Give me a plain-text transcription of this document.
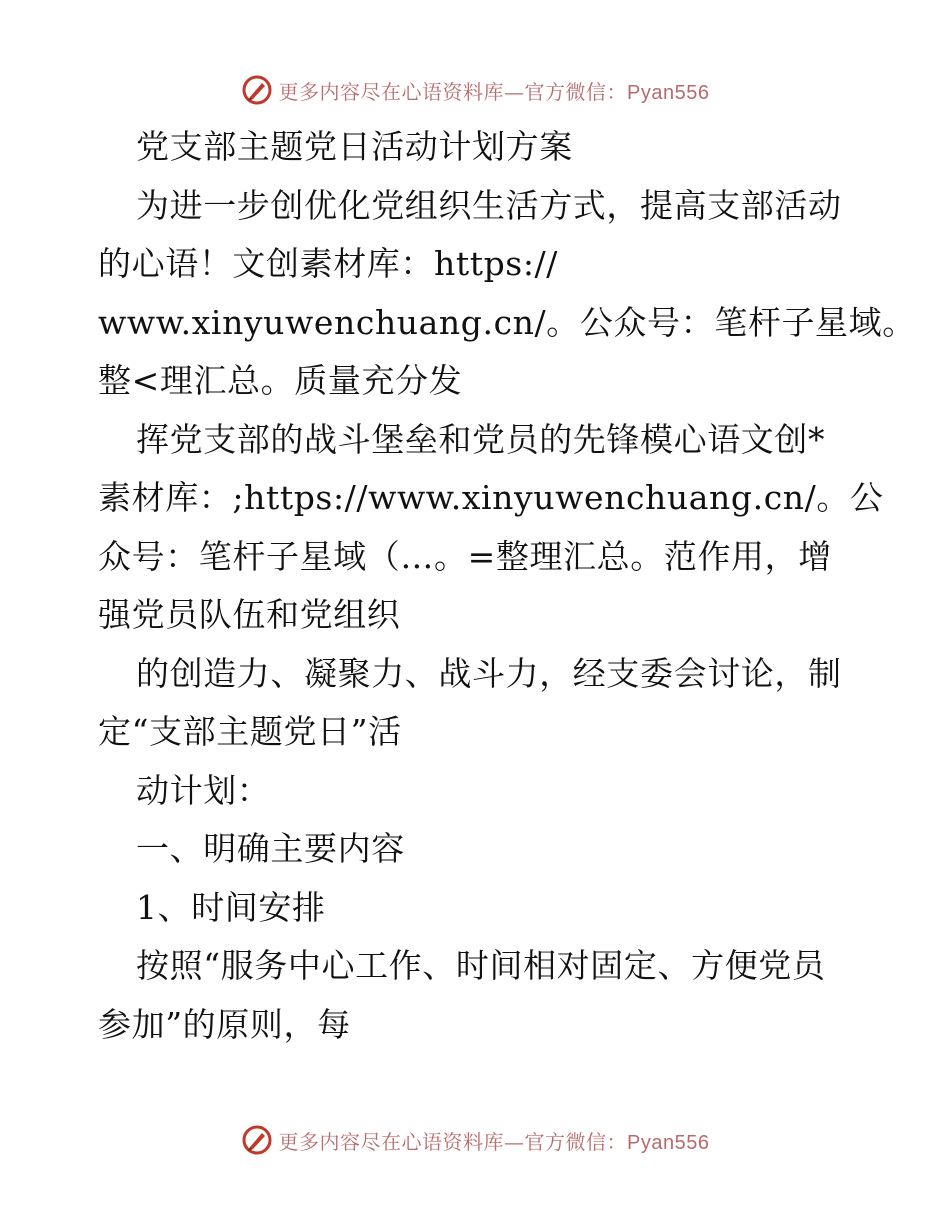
更多内容尽在心语资料库—官方微信：Pyan556
党支部主题党日活动计划方案
为进一步创优化党组织生活方式，提高支部活动
的心语！文创素材库：https://
www.xinyuwenchuang.cn/。公众号：笔杆子星域。
整<理汇总。质量充分发
挥党支部的战斗堡垒和党员的先锋模心语文创*
素材库：;https://www.xinyuwenchuang.cn/。公
众号：笔杆子星域（…。=整理汇总。范作用，增
强党员队伍和党组织
的创造力、凝聚力、战斗力，经支委会讨论，制
定“支部主题党日”活
动计划：
一、明确主要内容
1、时间安排
按照“服务中心工作、时间相对固定、方便党员
参加”的原则，每
更多内容尽在心语资料库—官方微信：Pyan556
